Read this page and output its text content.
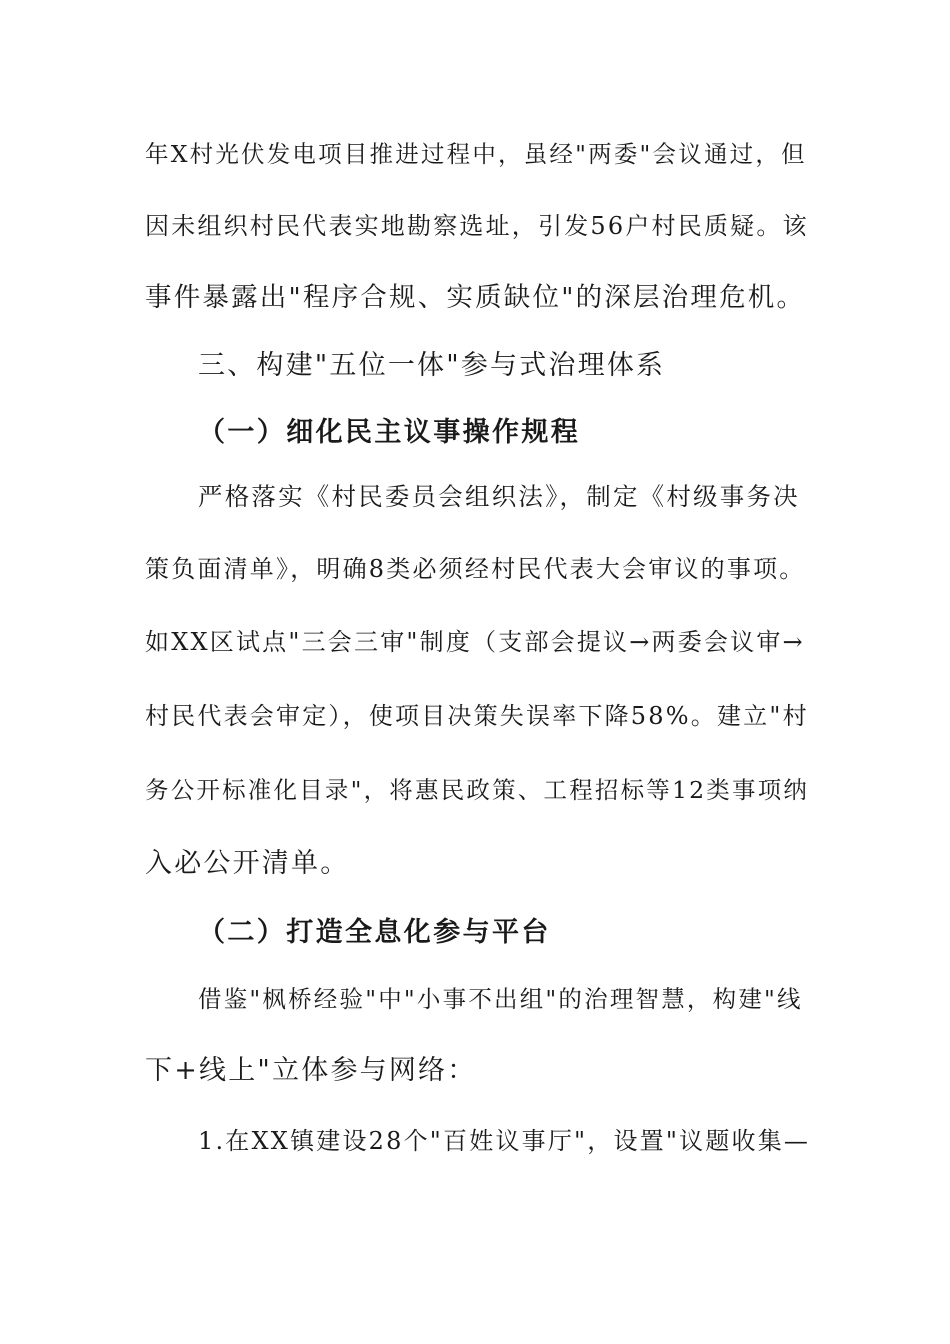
年X村光伏发电项目推进过程中，虽经"两委"会议通过，但
因未组织村民代表实地勘察选址，引发56户村民质疑。该
事件暴露出"程序合规、实质缺位"的深层治理危机。
三、构建"五位一体"参与式治理体系
（一）细化民主议事操作规程
严格落实《村民委员会组织法》，制定《村级事务决
策负面清单》，明确8类必须经村民代表大会审议的事项。
如XX区试点"三会三审"制度（支部会提议→两委会议审→
村民代表会审定），使项目决策失误率下降58%。建立"村
务公开标准化目录"，将惠民政策、工程招标等12类事项纳
入必公开清单。
（二）打造全息化参与平台
借鉴"枫桥经验"中"小事不出组"的治理智慧，构建"线
下+线上"立体参与网络：
1.在XX镇建设28个"百姓议事厅"，设置"议题收集—
